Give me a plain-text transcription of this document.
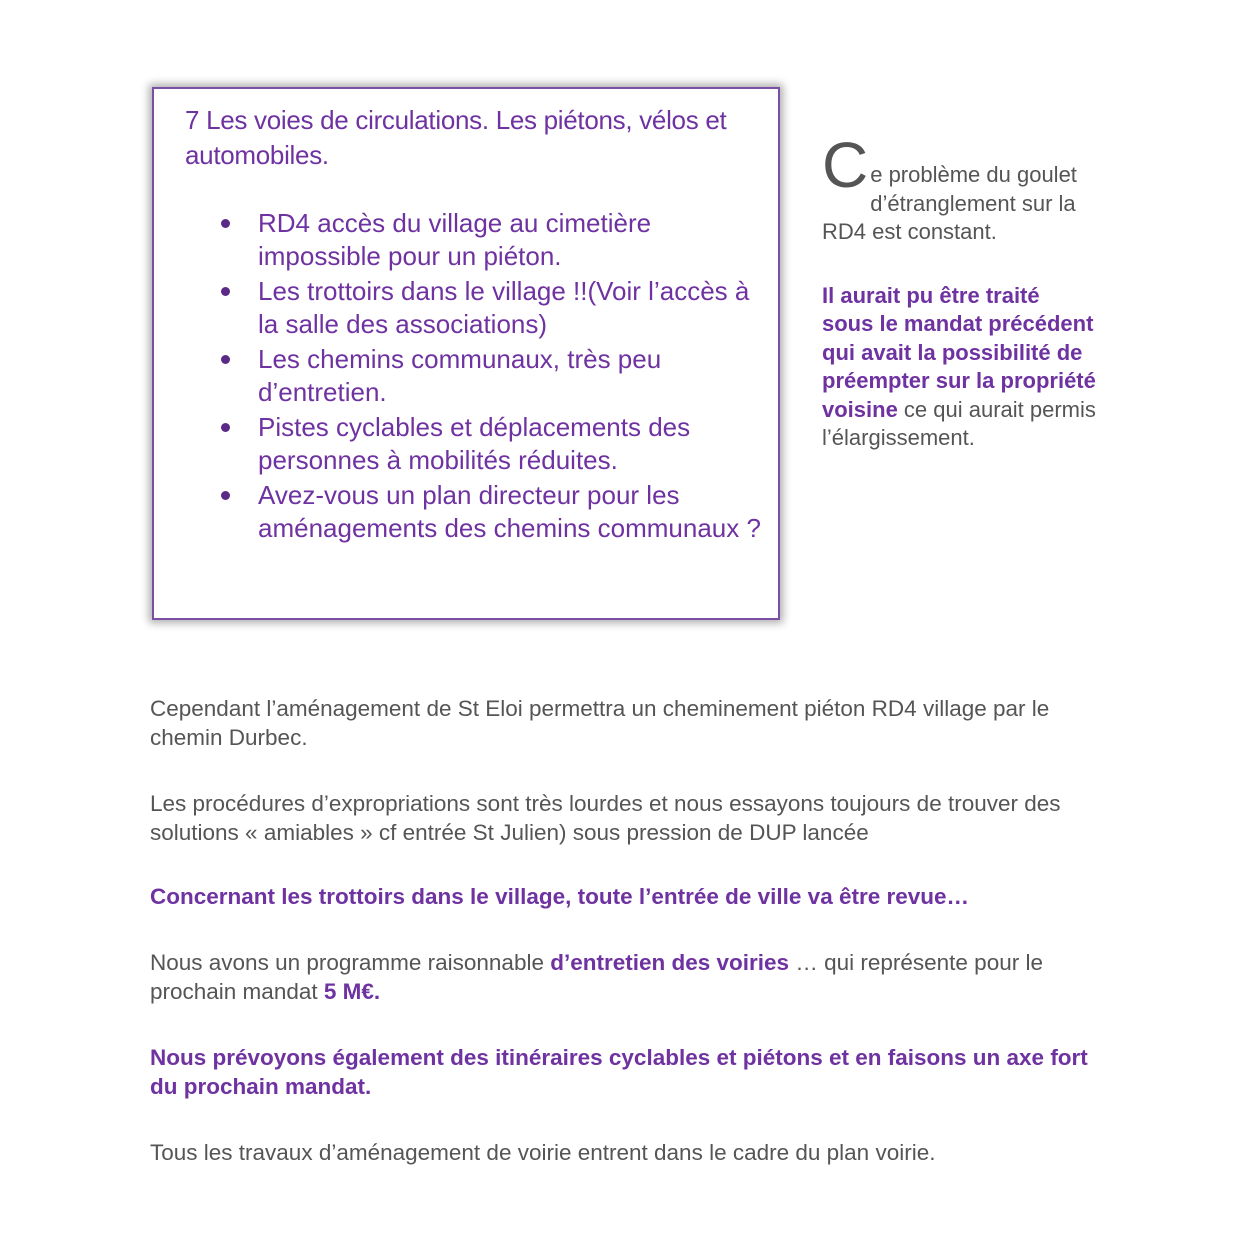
7 Les voies de circulations. Les piétons, vélos et automobiles.
RD4 accès du village au cimetière impossible pour un piéton.
Les trottoirs dans le village !!(Voir l’accès à la salle des associations)
Les chemins communaux, très peu d’entretien.
Pistes cyclables et déplacements des personnes à mobilités réduites.
Avez-vous un plan directeur pour les aménagements des chemins communaux ?
C e problème du goulet d’étranglement sur la RD4 est constant.

Il aurait pu être traité sous le mandat précédent qui avait la possibilité de préempter sur la propriété voisine ce qui aurait permis l’élargissement.

Cependant l’aménagement de St Eloi permettra un cheminement piéton RD4 village par le chemin Durbec.

Les procédures d’expropriations sont très lourdes et nous essayons toujours de trouver des solutions « amiables » cf entrée St Julien) sous pression de DUP lancée

Concernant les trottoirs dans le village, toute l’entrée de ville va être revue…

Nous avons un programme raisonnable d’entretien des voiries … qui représente pour le prochain mandat 5 M€.

Nous prévoyons également des itinéraires cyclables et piétons et en faisons un axe fort du prochain mandat.

Tous les travaux d’aménagement de voirie entrent dans le cadre du plan voirie.
